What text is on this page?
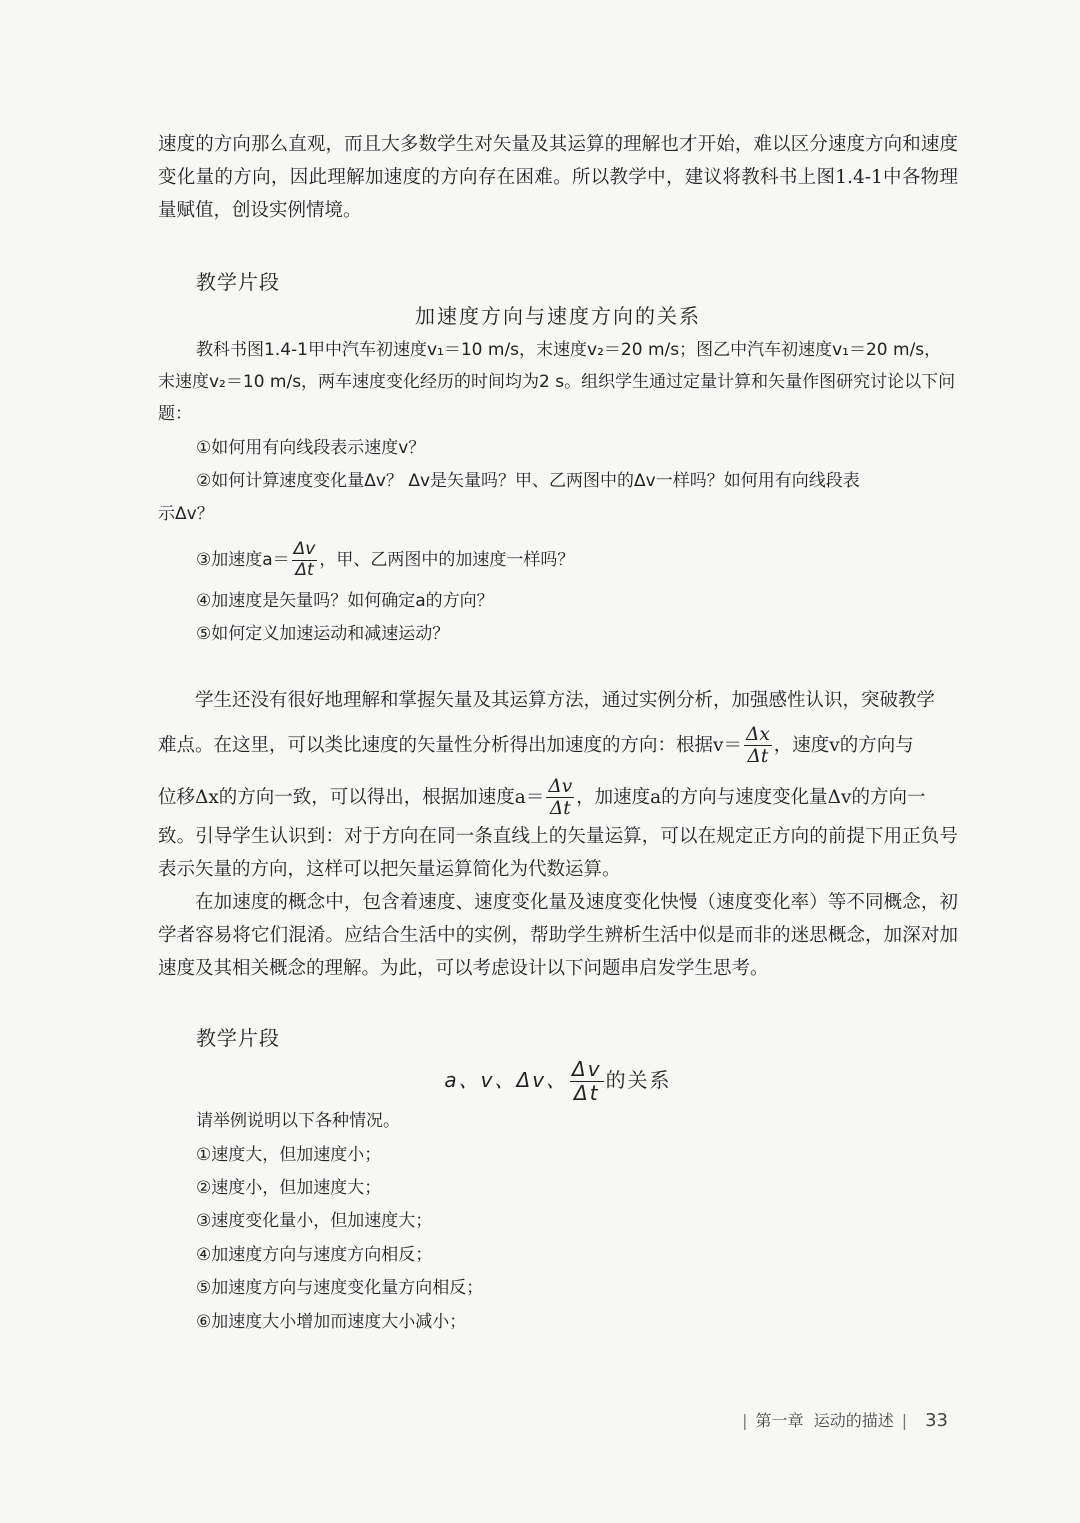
速度的方向那么直观，而且大多数学生对矢量及其运算的理解也才开始，难以区分速度方向和速度变化量的方向，因此理解加速度的方向存在困难。所以教学中，建议将教科书上图1.4-1中各物理量赋值，创设实例情境。

教学片段
加速度方向与速度方向的关系
教科书图1.4-1甲中汽车初速度v₁＝10 m/s，末速度v₂＝20 m/s；图乙中汽车初速度v₁＝20 m/s，

末速度v₂＝10 m/s，两车速度变化经历的时间均为2 s。组织学生通过定量计算和矢量作图研究讨论以下问题：

①如何用有向线段表示速度v？
②如何计算速度变化量Δv？ Δv是矢量吗？甲、乙两图中的Δv一样吗？如何用有向线段表
示Δv？
③加速度$a= \frac{\Delta v}{\Delta t}$ ，甲、乙两图中的加速度一样吗？
④加速度是矢量吗？如何确定a的方向？
⑤如何定义加速运动和减速运动？

学生还没有很好地理解和掌握矢量及其运算方法，通过实例分析，加强感性认识，突破教学

难点。在这里，可以类比速度的矢量性分析得出加速度的方向：根据$v= \frac{\Delta x}{\Delta t}$ ，速度v的方向与
位移Δx的方向一致，可以得出，根据加速度$a= \frac{\Delta v}{\Delta t}$ ，加速度a的方向与速度变化量Δv的方向一

致。引导学生认识到：对于方向在同一条直线上的矢量运算，可以在规定正方向的前提下用正负号表示矢量的方向，这样可以把矢量运算简化为代数运算。

在加速度的概念中，包含着速度、速度变化量及速度变化快慢（速度变化率）等不同概念，初学者容易将它们混淆。应结合生活中的实例，帮助学生辨析生活中似是而非的迷思概念，加深对加速度及其相关概念的理解。为此，可以考虑设计以下问题串启发学生思考。

教学片段
a、v、Δv、 $\frac{\Delta v}{\Delta t}$ 的关系
请举例说明以下各种情况。
①速度大，但加速度小；
②速度小，但加速度大；
③速度变化量小，但加速度大；
④加速度方向与速度方向相反；
⑤加速度方向与速度变化量方向相反；
⑥加速度大小增加而速度大小减小；
| 第一章 运动的描述 | 33
